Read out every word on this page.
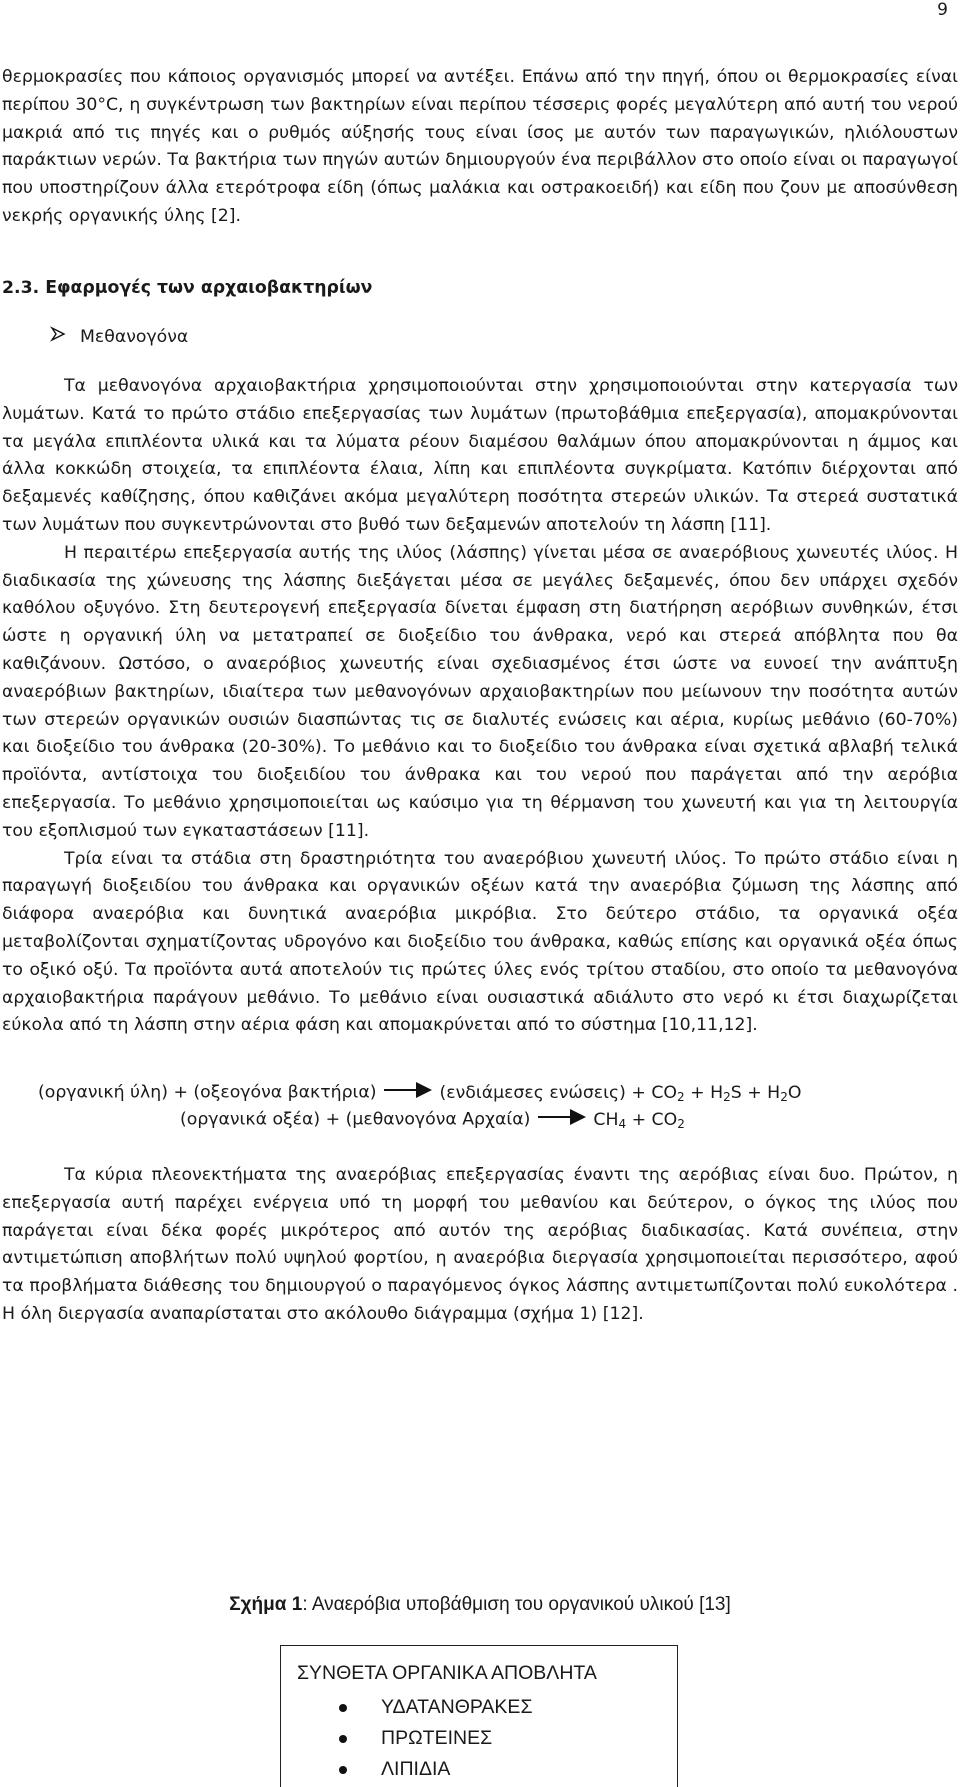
9

θερμοκρασίες που κάποιος οργανισμός μπορεί να αντέξει. Επάνω από την πηγή, όπου οι θερμοκρασίες είναι περίπου 30°C, η συγκέντρωση των βακτηρίων είναι περίπου τέσσερις φορές μεγαλύτερη από αυτή του νερού μακριά από τις πηγές και ο ρυθμός αύξησής τους είναι ίσος με αυτόν των παραγωγικών, ηλιόλουστων παράκτιων νερών. Τα βακτήρια των πηγών αυτών δημιουργούν ένα περιβάλλον στο οποίο είναι οι παραγωγοί που υποστηρίζουν άλλα ετερότροφα είδη (όπως μαλάκια και οστρακοειδή) και είδη που ζουν με αποσύνθεση νεκρής οργανικής ύλης [2].

2.3. Εφαρμογές των αρχαιοβακτηρίων
Μεθανογόνα

Τα μεθανογόνα αρχαιοβακτήρια χρησιμοποιούνται στην χρησιμοποιούνται στην κατεργασία των λυμάτων. Κατά το πρώτο στάδιο επεξεργασίας των λυμάτων (πρωτοβάθμια επεξεργασία), απομακρύνονται τα μεγάλα επιπλέοντα υλικά και τα λύματα ρέουν διαμέσου θαλάμων όπου απομακρύνονται η άμμος και άλλα κοκκώδη στοιχεία, τα επιπλέοντα έλαια, λίπη και επιπλέοντα συγκρίματα. Κατόπιν διέρχονται από δεξαμενές καθίζησης, όπου καθιζάνει ακόμα μεγαλύτερη ποσότητα στερεών υλικών. Τα στερεά συστατικά των λυμάτων που συγκεντρώνονται στο βυθό των δεξαμενών αποτελούν τη λάσπη [11].

Η περαιτέρω επεξεργασία αυτής της ιλύος (λάσπης) γίνεται μέσα σε αναερόβιους χωνευτές ιλύος. Η διαδικασία της χώνευσης της λάσπης διεξάγεται μέσα σε μεγάλες δεξαμενές, όπου δεν υπάρχει σχεδόν καθόλου οξυγόνο. Στη δευτερογενή επεξεργασία δίνεται έμφαση στη διατήρηση αερόβιων συνθηκών, έτσι ώστε η οργανική ύλη να μετατραπεί σε διοξείδιο του άνθρακα, νερό και στερεά απόβλητα που θα καθιζάνουν. Ωστόσο, ο αναερόβιος χωνευτής είναι σχεδιασμένος έτσι ώστε να ευνοεί την ανάπτυξη αναερόβιων βακτηρίων, ιδιαίτερα των μεθανογόνων αρχαιοβακτηρίων που μείωνουν την ποσότητα αυτών των στερεών οργανικών ουσιών διασπώντας τις σε διαλυτές ενώσεις και αέρια, κυρίως μεθάνιο (60-70%) και διοξείδιο του άνθρακα (20-30%). Το μεθάνιο και το διοξείδιο του άνθρακα είναι σχετικά αβλαβή τελικά προϊόντα, αντίστοιχα του διοξειδίου του άνθρακα και του νερού που παράγεται από την αερόβια επεξεργασία. Το μεθάνιο χρησιμοποιείται ως καύσιμο για τη θέρμανση του χωνευτή και για τη λειτουργία του εξοπλισμού των εγκαταστάσεων [11].

Τρία είναι τα στάδια στη δραστηριότητα του αναερόβιου χωνευτή ιλύος. Το πρώτο στάδιο είναι η παραγωγή διοξειδίου του άνθρακα και οργανικών οξέων κατά την αναερόβια ζύμωση της λάσπης από διάφορα αναερόβια και δυνητικά αναερόβια μικρόβια. Στο δεύτερο στάδιο, τα οργανικά οξέα μεταβολίζονται σχηματίζοντας υδρογόνο και διοξείδιο του άνθρακα, καθώς επίσης και οργανικά οξέα όπως το οξικό οξύ. Τα προϊόντα αυτά αποτελούν τις πρώτες ύλες ενός τρίτου σταδίου, στο οποίο τα μεθανογόνα αρχαιοβακτήρια παράγουν μεθάνιο. Το μεθάνιο είναι ουσιαστικά αδιάλυτο στο νερό κι έτσι διαχωρίζεται εύκολα από τη λάσπη στην αέρια φάση και απομακρύνεται από το σύστημα [10,11,12].

(οργανική ύλη) + (οξεογόνα βακτήρια) → (ενδιάμεσες $\varepsilon\nu ώ\sigma\varepsilon\iota\varsigma) + CO_2 + H_2S + H_2O$
(οργανικά οξέα) + (μεθανογόνα $A\rho\chi\alpha ί\alpha) \to CH_4 + CO_2$

Τα κύρια πλεονεκτήματα της αναερόβιας επεξεργασίας έναντι της αερόβιας είναι δυο. Πρώτον, η επεξεργασία αυτή παρέχει ενέργεια υπό τη μορφή του μεθανίου και δεύτερον, ο όγκος της ιλύος που παράγεται είναι δέκα φορές μικρότερος από αυτόν της αερόβιας διαδικασίας. Κατά συνέπεια, στην αντιμετώπιση αποβλήτων πολύ υψηλού φορτίου, η αναερόβια διεργασία χρησιμοποιείται περισσότερο, αφού τα προβλήματα διάθεσης του δημιουργού ο παραγόμενος όγκος λάσπης αντιμετωπίζονται πολύ ευκολότερα . Η όλη διεργασία αναπαρίσταται στο ακόλουθο διάγραμμα (σχήμα 1) [12].

Σχήμα 1: Αναερόβια υποβάθμιση του οργανικού υλικού [13]
ΣΥΝΘΕΤΑ ΟΡΓΑΝΙΚΑ ΑΠΟΒΛΗΤΑ
ΥΔΑΤΑΝΘΡΑΚΕΣ
ΠΡΩΤΕΙΝΕΣ
ΛΙΠΙΔΙΑ
